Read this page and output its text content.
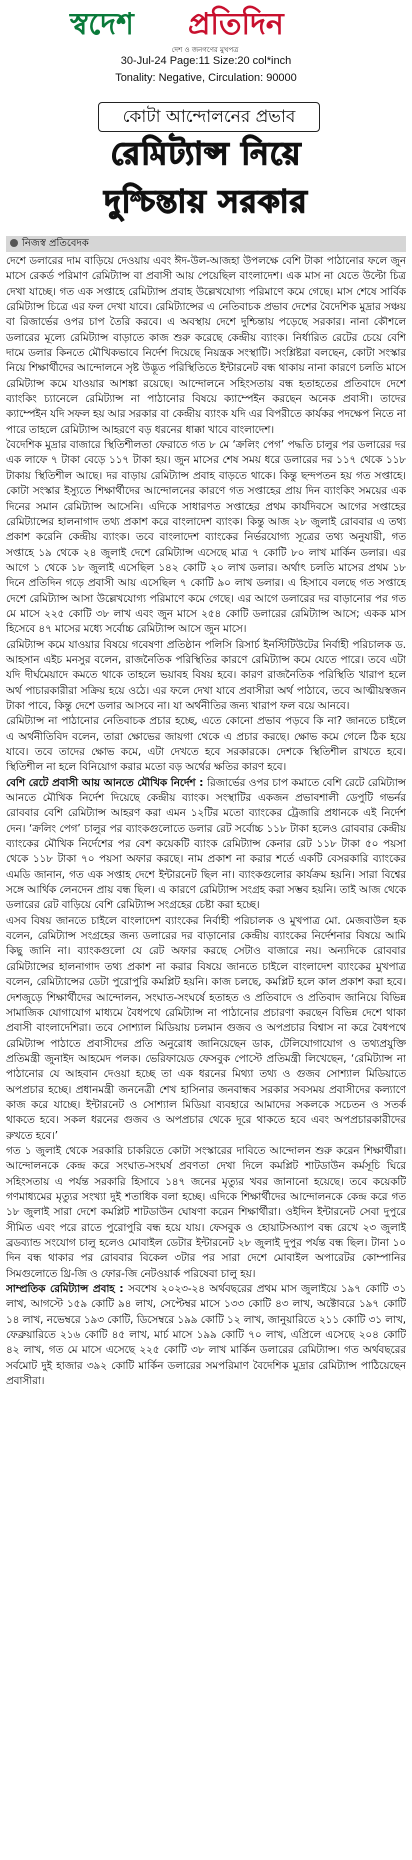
স্বদেশ প্রতিদিন
দেশ ও জনগণের মুখপত্র
30-Jul-24 Page:11 Size:20 col*inch
Tonality: Negative, Circulation: 90000
কোটা আন্দোলনের প্রভাব
রেমিট্যান্স নিয়ে
দুশ্চিন্তায় সরকার
নিজস্ব প্রতিবেদক

দেশে ডলারের দাম বাড়িয়ে দেওয়ায় এবং ঈদ-উল-আজহা উপলক্ষে বেশি টাকা পাঠানোর ফলে জুন মাসে রেকর্ড পরিমাণ রেমিট্যান্স বা প্রবাসী আয় পেয়েছিল বাংলাদেশ। এক মাস না যেতে উল্টো চিত্র দেখা যাচ্ছে। গত এক সপ্তাহে রেমিট্যান্স প্রবাহ উল্লেখযোগ্য পরিমাণে কমে গেছে। মাস শেষে সার্বিক রেমিট্যান্স চিত্রে এর ফল দেখা যাবে। রেমিট্যান্সের এ নেতিবাচক প্রভাব দেশের বৈদেশিক মুদ্রার সঞ্চয় বা রিজার্ভের ওপর চাপ তৈরি করবে। এ অবস্থায় দেশে দুশ্চিন্তায় পড়েছে সরকার। নানা কৌশলে ডলারের মূল্যে রেমিট্যান্স বাড়াতে কাজ শুরু করেছে কেন্দ্রীয় ব্যাংক। নির্ধারিত রেটের চেয়ে বেশি দামে ডলার কিনতে মৌখিকভাবে নির্দেশ দিয়েছে নিয়ন্ত্রক সংস্থাটি। সংশ্লিষ্টরা বলছেন, কোটা সংস্কার নিয়ে শিক্ষার্থীদের আন্দোলনে সৃষ্ট উদ্ভূত পরিস্থিতিতে ইন্টারনেট বন্ধ থাকায় নানা কারণে চলতি মাসে রেমিট্যান্স কমে যাওয়ার আশঙ্কা রয়েছে। আন্দোলনে সহিংসতায় বন্ধ হতাহতের প্রতিবাদে দেশে ব্যাংকিং চ্যানেলে রেমিট্যান্স না পাঠানোর বিষয়ে ক্যাম্পেইন করছেন অনেক প্রবাসী। তাদের ক্যাম্পেইন যদি সফল হয় আর সরকার বা কেন্দ্রীয় ব্যাংক যদি এর বিপরীতে কার্যকর পদক্ষেপ নিতে না পারে তাহলে রেমিট্যান্স আহরণে বড় ধরনের ধাক্কা খাবে বাংলাদেশ।

বৈদেশিক মুদ্রার বাজারে স্থিতিশীলতা ফেরাতে গত ৮ মে ‘ক্রলিং পেগ’ পদ্ধতি চালুর পর ডলারের দর এক লাফে ৭ টাকা বেড়ে ১১৭ টাকা হয়। জুন মাসের শেষ সময় ধরে ডলারের দর ১১৭ থেকে ১১৮ টাকায় স্থিতিশীল আছে। দর বাড়ায় রেমিট্যান্স প্রবাহ বাড়তে থাকে। কিন্তু ছন্দপতন হয় গত সপ্তাহে। কোটা সংস্কার ইস্যুতে শিক্ষার্থীদের আন্দোলনের কারণে গত সপ্তাহের প্রায় দিন ব্যাংকিং সময়ের এক দিনের সমান রেমিট্যান্স আসেনি। এদিকে সাধারণত সপ্তাহের প্রথম কার্যদিবসে আগের সপ্তাহের রেমিট্যান্সের হালনাগাদ তথ্য প্রকাশ করে বাংলাদেশ ব্যাংক। কিন্তু আজ ২৮ জুলাই রোববার এ তথ্য প্রকাশ করেনি কেন্দ্রীয় ব্যাংক। তবে বাংলাদেশ ব্যাংকের নির্ভরযোগ্য সূত্রের তথ্য অনুযায়ী, গত সপ্তাহে ১৯ থেকে ২৪ জুলাই দেশে রেমিট্যান্স এসেছে মাত্র ৭ কোটি ৮০ লাখ মার্কিন ডলার। এর আগে ১ থেকে ১৮ জুলাই এসেছিল ১৪২ কোটি ২০ লাখ ডলার। অর্থাৎ চলতি মাসের প্রথম ১৮ দিনে প্রতিদিন গড়ে প্রবাসী আয় এসেছিল ৭ কোটি ৯০ লাখ ডলার। এ হিসাবে বলছে গত সপ্তাহে দেশে রেমিট্যান্স আসা উল্লেখযোগ্য পরিমাণে কমে গেছে। এর আগে ডলারের দর বাড়ানোর পর গত মে মাসে ২২৫ কোটি ৩৮ লাখ এবং জুন মাসে ২৫৪ কোটি ডলারের রেমিট্যান্স আসে; একক মাস হিসেবে ৪৭ মাসের মধ্যে সর্বোচ্চ রেমিট্যান্স আসে জুন মাসে।

রেমিট্যান্স কমে যাওয়ার বিষয়ে গবেষণা প্রতিষ্ঠান পলিসি রিসার্চ ইনস্টিটিউটের নির্বাহী পরিচালক ড. আহসান এইচ মনসুর বলেন, রাজনৈতিক পরিস্থিতির কারণে রেমিট্যান্স কমে যেতে পারে। তবে এটা যদি দীর্ঘমেয়াদে কমতে থাকে তাহলে ভয়াবহ বিষয় হবে। কারণ রাজনৈতিক পরিস্থিতি খারাপ হলে অর্থ পাচারকারীরা সক্রিয় হয়ে ওঠে। এর ফলে দেখা যাবে প্রবাসীরা অর্থ পাঠাবে, তবে আত্মীয়স্বজন টাকা পাবে, কিন্তু দেশে ডলার আসবে না। যা অর্থনীতির জন্য খারাপ ফল বয়ে আনবে।

রেমিট্যান্স না পাঠানোর নেতিবাচক প্রচার হচ্ছে, এতে কোনো প্রভাব পড়বে কি না? জানতে চাইলে এ অর্থনীতিবিদ বলেন, তারা ক্ষোভের জায়গা থেকে এ প্রচার করছে। ক্ষোভ কমে গেলে ঠিক হয়ে যাবে। তবে তাদের ক্ষোভ কমে, এটা দেখতে হবে সরকারকে। দেশকে স্থিতিশীল রাখতে হবে। স্থিতিশীল না হলে বিনিয়োগ করার মতো বড় অর্থের ক্ষতির কারণ হবে।

বেশি রেটে প্রবাসী আয় আনতে মৌখিক নির্দেশ : রিজার্ভের ওপর চাপ কমাতে বেশি রেটে রেমিট্যান্স আনতে মৌখিক নির্দেশ দিয়েছে কেন্দ্রীয় ব্যাংক। সংস্থাটির একজন প্রভাবশালী ডেপুটি গভর্নর রোববার বেশি রেমিট্যান্স আহরণ করা এমন ১২টির মতো ব্যাংকের ট্রেজারি প্রধানকে এই নির্দেশ দেন। ‘ক্রলিং পেগ’ চালুর পর ব্যাংকগুলোতে ডলার রেট সর্বোচ্চ ১১৮ টাকা হলেও রোববার কেন্দ্রীয় ব্যাংকের মৌখিক নির্দেশের পর বেশ কয়েকটি ব্যাংক রেমিট্যান্স কেনার রেট ১১৮ টাকা ৫০ পয়সা থেকে ১১৮ টাকা ৭০ পয়সা অফার করছে। নাম প্রকাশ না করার শর্তে একটি বেসরকারি ব্যাংকের এমডি জানান, গত এক সপ্তাহ দেশে ইন্টারনেট ছিল না। ব্যাংকগুলোর কার্যক্রম হয়নি। সারা বিশ্বের সঙ্গে আর্থিক লেনদেন প্রায় বন্ধ ছিল। এ কারণে রেমিট্যান্স সংগ্রহ করা সম্ভব হয়নি। তাই আজ থেকে ডলারের রেট বাড়িয়ে বেশি রেমিট্যান্স সংগ্রহের চেষ্টা করা হচ্ছে।

এসব বিষয় জানতে চাইলে বাংলাদেশ ব্যাংকের নির্বাহী পরিচালক ও মুখপাত্র মো. মেজবাউল হক বলেন, রেমিট্যান্স সংগ্রহের জন্য ডলারের দর বাড়ানোর কেন্দ্রীয় ব্যাংকের নির্দেশনার বিষয়ে আমি কিছু জানি না। ব্যাংকগুলো যে রেট অফার করছে সেটাও বাজারে নয়। অন্যদিকে রোববার রেমিট্যান্সের হালনাগাদ তথ্য প্রকাশ না করার বিষয়ে জানতে চাইলে বাংলাদেশ ব্যাংকের মুখপাত্র বলেন, রেমিট্যান্সের ডেটা পুরোপুরি কমপ্লিট হয়নি। কাজ চলছে, কমপ্লিট হলে কাল প্রকাশ করা হবে। দেশজুড়ে শিক্ষার্থীদের আন্দোলন, সংঘাত-সংঘর্ষে হতাহত ও প্রতিবাদে ও প্রতিবাদ জানিয়ে বিভিন্ন সামাজিক যোগাযোগ মাধ্যমে বৈধপথে রেমিট্যান্স না পাঠানোর প্রচারণা করছেন বিভিন্ন দেশে থাকা প্রবাসী বাংলাদেশিরা। তবে সোশ্যাল মিডিয়ায় চলমান গুজব ও অপপ্রচার বিশ্বাস না করে বৈধপথে রেমিট্যান্স পাঠাতে প্রবাসীদের প্রতি অনুরোধ জানিয়েছেন ডাক, টেলিযোগাযোগ ও তথ্যপ্রযুক্তি প্রতিমন্ত্রী জুনাইদ আহমেদ পলক। ভেরিফায়েড ফেসবুক পোস্টে প্রতিমন্ত্রী লিখেছেন, ‘রেমিট্যান্স না পাঠানোর যে আহবান দেওয়া হচ্ছে তা এক ধরনের মিথ্যা তথ্য ও গুজব সোশ্যাল মিডিয়াতে অপপ্রচার হচ্ছে। প্রধানমন্ত্রী জননেত্রী শেখ হাসিনার জনবান্ধব সরকার সবসময় প্রবাসীদের কল্যাণে কাজ করে যাচ্ছে। ইন্টারনেট ও সোশ্যাল মিডিয়া ব্যবহারে আমাদের সকলকে সচেতন ও সতর্ক থাকতে হবে। সকল ধরনের গুজব ও অপপ্রচার থেকে দূরে থাকতে হবে এবং অপপ্রচারকারীদের রুখতে হবে।’

গত ১ জুলাই থেকে সরকারি চাকরিতে কোটা সংস্কারের দাবিতে আন্দোলন শুরু করেন শিক্ষার্থীরা। আন্দোলনকে কেন্দ্র করে সংঘাত-সংঘর্ষ প্রবণতা দেখা দিলে কমপ্লিট শাটডাউন কর্মসূচি ঘিরে সহিংসতায় এ পর্যন্ত সরকারি হিসাবে ১৪৭ জনের মৃত্যুর খবর জানানো হয়েছে। তবে কয়েকটি গণমাধ্যমের মৃত্যুর সংখ্যা দুই শতাধিক বলা হচ্ছে। এদিকে শিক্ষার্থীদের আন্দোলনকে কেন্দ্র করে গত ১৮ জুলাই সারা দেশে কমপ্লিট শাটডাউন ঘোষণা করেন শিক্ষার্থীরা। ওইদিন ইন্টারনেট সেবা দুপুরে সীমিত এবং পরে রাতে পুরোপুরি বন্ধ হয়ে যায়। ফেসবুক ও হোয়াটসঅ্যাপ বন্ধ রেখে ২৩ জুলাই ব্রডব্যান্ড সংযোগ চালু হলেও মোবাইল ডেটার ইন্টারনেট ২৮ জুলাই দুপুর পর্যন্ত বন্ধ ছিল। টানা ১০ দিন বন্ধ থাকার পর রোববার বিকেল ৩টার পর সারা দেশে মোবাইল অপারেটর কোম্পানির সিমগুলোতে থ্রি-জি ও ফোর-জি নেটওয়ার্ক পরিষেবা চালু হয়।

সাম্প্রতিক রেমিট্যান্স প্রবাহ : সবশেষ ২০২৩-২৪ অর্থবছরের প্রথম মাস জুলাইয়ে ১৯৭ কোটি ৩১ লাখ, আগস্টে ১৫৯ কোটি ৯৪ লাখ, সেপ্টেম্বর মাসে ১৩৩ কোটি ৪৩ লাখ, অক্টোবরে ১৯৭ কোটি ১৪ লাখ, নভেম্বরে ১৯৩ কোটি, ডিসেম্বরে ১৯৯ কোটি ১২ লাখ, জানুয়ারিতে ২১১ কোটি ৩১ লাখ, ফেব্রুয়ারিতে ২১৬ কোটি ৪৫ লাখ, মার্চ মাসে ১৯৯ কোটি ৭০ লাখ, এপ্রিলে এসেছে ২০৪ কোটি ৪২ লাখ, গত মে মাসে এসেছে ২২৫ কোটি ৩৮ লাখ মার্কিন ডলারের রেমিট্যান্স। গত অর্থবছরের সর্বমোট দুই হাজার ৩৯২ কোটি মার্কিন ডলারের সমপরিমাণ বৈদেশিক মুদ্রার রেমিট্যান্স পাঠিয়েছেন প্রবাসীরা।
